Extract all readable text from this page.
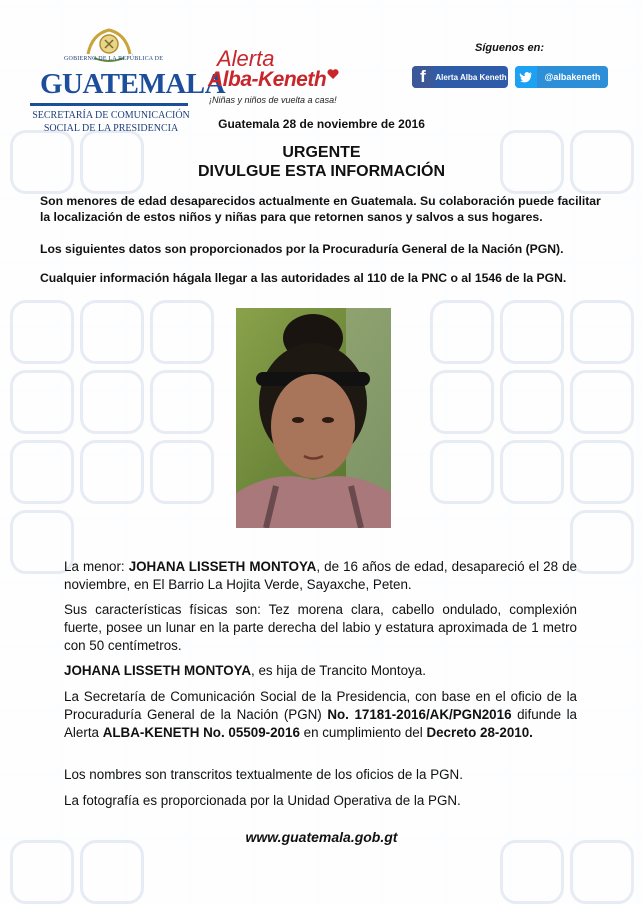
GOBIERNO DE LA REPÚBLICA DE
GUATEMALA
SECRETARÍA DE COMUNICACIÓN
SOCIAL DE LA PRESIDENCIA
Alerta
Alba-Keneth
¡Niñas y niños de vuelta a casa!
Síguenos en:
f	Alerta Alba Keneth	@albakeneth
Guatemala 28 de noviembre de 2016
URGENTE
DIVULGUE ESTA INFORMACIÓN
Son menores de edad desaparecidos actualmente en Guatemala. Su colaboración puede facilitar la localización de estos niños y niñas para que retornen sanos y salvos a sus hogares.
Los siguientes datos son proporcionados por la Procuraduría General de la Nación (PGN).
Cualquier información hágala llegar a las autoridades al 110 de la PNC o al 1546 de la PGN.
La menor: JOHANA LISSETH MONTOYA, de 16 años de edad, desapareció el 28 de noviembre, en El Barrio La Hojita Verde, Sayaxche, Peten.
Sus características físicas son: Tez morena clara, cabello ondulado, complexión fuerte, posee un lunar en la parte derecha del labio y estatura aproximada de 1 metro con 50 centímetros.
JOHANA LISSETH MONTOYA, es hija de Trancito Montoya.
La Secretaría de Comunicación Social de la Presidencia, con base en el oficio de la Procuraduría General de la Nación (PGN) No. 17181-2016/AK/PGN2016 difunde la Alerta ALBA-KENETH No. 05509-2016 en cumplimiento del Decreto 28-2010.
Los nombres son transcritos textualmente de los oficios de la PGN.
La fotografía es proporcionada por la Unidad Operativa de la PGN.
www.guatemala.gob.gt
